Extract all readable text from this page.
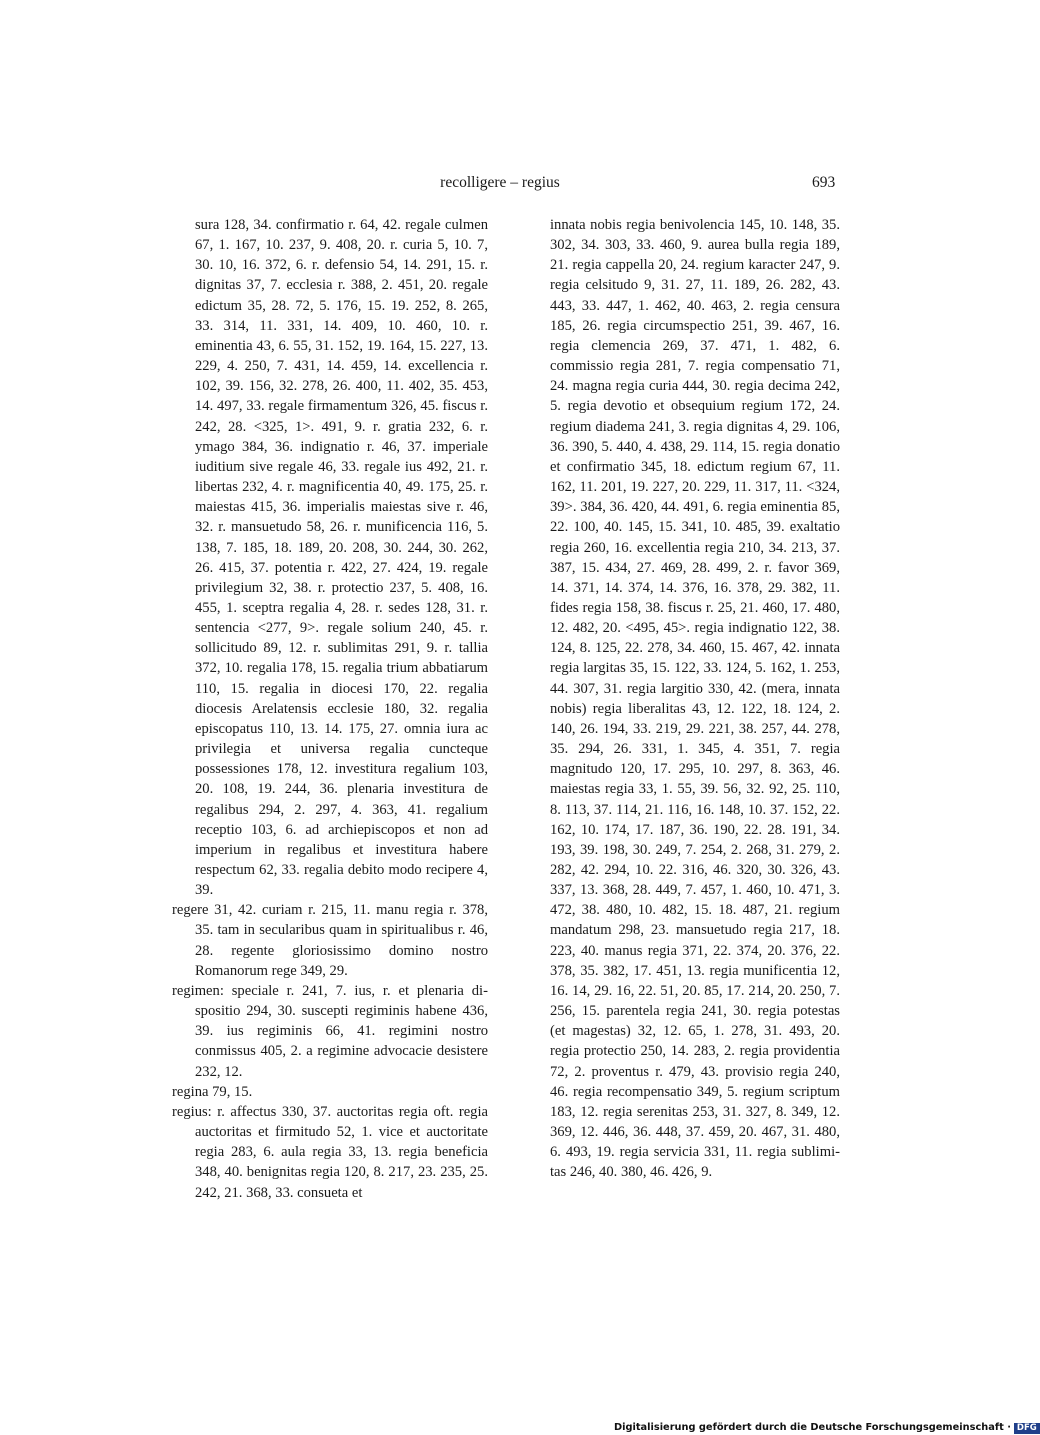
recolligere – regius	693
sura 128, 34. confirmatio r. 64, 42. regale culmen 67, 1. 167, 10. 237, 9. 408, 20. r. curia 5, 10. 7, 30. 10, 16. 372, 6. r. defensio 54, 14. 291, 15. r. dignitas 37, 7. ecclesia r. 388, 2. 451, 20. regale edictum 35, 28. 72, 5. 176, 15. 19. 252, 8. 265, 33. 314, 11. 331, 14. 409, 10. 460, 10. r. eminentia 43, 6. 55, 31. 152, 19. 164, 15. 227, 13. 229, 4. 250, 7. 431, 14. 459, 14. excellencia r. 102, 39. 156, 32. 278, 26. 400, 11. 402, 35. 453, 14. 497, 33. regale firmamentum 326, 45. fiscus r. 242, 28. <325, 1>. 491, 9. r. gratia 232, 6. r. ymago 384, 36. indignatio r. 46, 37. imperiale iuditium sive regale 46, 33. regale ius 492, 21. r. libertas 232, 4. r. magnificentia 40, 49. 175, 25. r. maiestas 415, 36. imperialis maiestas sive r. 46, 32. r. mansuetudo 58, 26. r. munificencia 116, 5. 138, 7. 185, 18. 189, 20. 208, 30. 244, 30. 262, 26. 415, 37. potentia r. 422, 27. 424, 19. regale privilegium 32, 38. r. protectio 237, 5. 408, 16. 455, 1. sceptra regalia 4, 28. r. sedes 128, 31. r. sentencia <277, 9>. regale solium 240, 45. r. sollicitudo 89, 12. r. sublimitas 291, 9. r. tallia 372, 10. regalia 178, 15. regalia trium abbatiarum 110, 15. regalia in diocesi 170, 22. regalia diocesis Arelatensis ecclesie 180, 32. regalia episcopatus 110, 13. 14. 175, 27. omnia iura ac privilegia et universa regalia cuncteque possessiones 178, 12. investitura regalium 103, 20. 108, 19. 244, 36. plenaria investitura de regalibus 294, 2. 297, 4. 363, 41. regalium receptio 103, 6. ad archiepiscopos et non ad imperium in regalibus et investitura habere respectum 62, 33. regalia debito modo recipere 4, 39.
regere 31, 42. curiam r. 215, 11. manu regia r. 378, 35. tam in secularibus quam in spiritualibus r. 46, 28. regente gloriosissimo domino nostro Romanorum rege 349, 29.
regimen: speciale r. 241, 7. ius, r. et plenaria dispositio 294, 30. suscepti regiminis habene 436, 39. ius regiminis 66, 41. regimini nostro conmissus 405, 2. a regimine advocacie desistere 232, 12.
regina 79, 15.
regius: r. affectus 330, 37. auctoritas regia oft. regia auctoritas et firmitudo 52, 1. vice et auctoritate regia 283, 6. aula regia 33, 13. regia beneficia 348, 40. benignitas regia 120, 8. 217, 23. 235, 25. 242, 21. 368, 33. consueta et
innata nobis regia benivolencia 145, 10. 148, 35. 302, 34. 303, 33. 460, 9. aurea bulla regia 189, 21. regia cappella 20, 24. regium karacter 247, 9. regia celsitudo 9, 31. 27, 11. 189, 26. 282, 43. 443, 33. 447, 1. 462, 40. 463, 2. regia censura 185, 26. regia circumspectio 251, 39. 467, 16. regia clemencia 269, 37. 471, 1. 482, 6. commissio regia 281, 7. regia compensatio 71, 24. magna regia curia 444, 30. regia decima 242, 5. regia devotio et obsequium regium 172, 24. regium diadema 241, 3. regia dignitas 4, 29. 106, 36. 390, 5. 440, 4. 438, 29. 114, 15. regia donatio et confirmatio 345, 18. edictum regium 67, 11. 162, 11. 201, 19. 227, 20. 229, 11. 317, 11. <324, 39>. 384, 36. 420, 44. 491, 6. regia eminentia 85, 22. 100, 40. 145, 15. 341, 10. 485, 39. exaltatio regia 260, 16. excellentia regia 210, 34. 213, 37. 387, 15. 434, 27. 469, 28. 499, 2. r. favor 369, 14. 371, 14. 374, 14. 376, 16. 378, 29. 382, 11. fides regia 158, 38. fiscus r. 25, 21. 460, 17. 480, 12. 482, 20. <495, 45>. regia indignatio 122, 38. 124, 8. 125, 22. 278, 34. 460, 15. 467, 42. innata regia largitas 35, 15. 122, 33. 124, 5. 162, 1. 253, 44. 307, 31. regia largitio 330, 42. (mera, innata nobis) regia liberalitas 43, 12. 122, 18. 124, 2. 140, 26. 194, 33. 219, 29. 221, 38. 257, 44. 278, 35. 294, 26. 331, 1. 345, 4. 351, 7. regia magnitudo 120, 17. 295, 10. 297, 8. 363, 46. maiestas regia 33, 1. 55, 39. 56, 32. 92, 25. 110, 8. 113, 37. 114, 21. 116, 16. 148, 10. 37. 152, 22. 162, 10. 174, 17. 187, 36. 190, 22. 28. 191, 34. 193, 39. 198, 30. 249, 7. 254, 2. 268, 31. 279, 2. 282, 42. 294, 10. 22. 316, 46. 320, 30. 326, 43. 337, 13. 368, 28. 449, 7. 457, 1. 460, 10. 471, 3. 472, 38. 480, 10. 482, 15. 18. 487, 21. regium mandatum 298, 23. mansuetudo regia 217, 18. 223, 40. manus regia 371, 22. 374, 20. 376, 22. 378, 35. 382, 17. 451, 13. regia munificentia 12, 16. 14, 29. 16, 22. 51, 20. 85, 17. 214, 20. 250, 7. 256, 15. parentela regia 241, 30. regia potestas (et magestas) 32, 12. 65, 1. 278, 31. 493, 20. regia protectio 250, 14. 283, 2. regia providentia 72, 2. proventus r. 479, 43. provisio regia 240, 46. regia recompensatio 349, 5. regium scriptum 183, 12. regia serenitas 253, 31. 327, 8. 349, 12. 369, 12. 446, 36. 448, 37. 459, 20. 467, 31. 480, 6. 493, 19. regia servicia 331, 11. regia sublimitas 246, 40. 380, 46. 426, 9.
Digitalisierung gefördert durch die Deutsche Forschungsgemeinschaft · DFG
